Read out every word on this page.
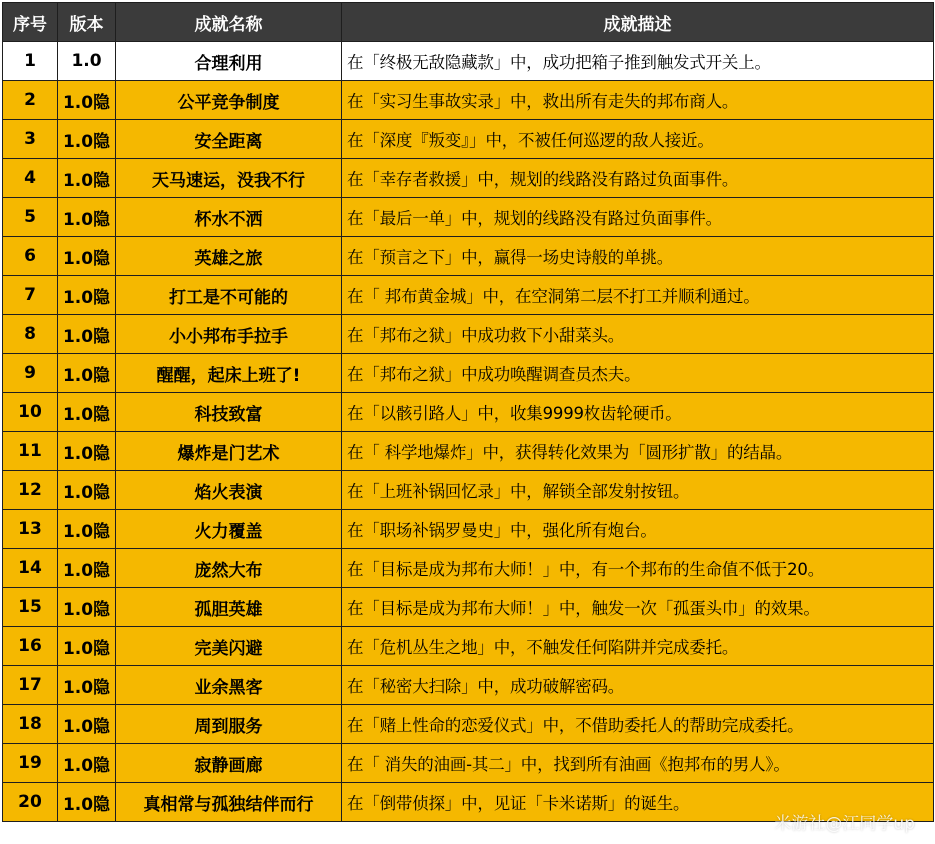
序号	版本	成就名称	成就描述
1	1.0	合理利用	在「终极无敌隐藏款」中，成功把箱子推到触发式开关上。
2	1.0隐	公平竞争制度	在「实习生事故实录」中，救出所有走失的邦布商人。
3	1.0隐	安全距离	在「深度『叛变』」中，不被任何巡逻的敌人接近。
4	1.0隐	天马速运，没我不行	在「幸存者救援」中，规划的线路没有路过负面事件。
5	1.0隐	杯水不洒	在「最后一单」中，规划的线路没有路过负面事件。
6	1.0隐	英雄之旅	在「预言之下」中，赢得一场史诗般的单挑。
7	1.0隐	打工是不可能的	在「 邦布黄金城」中，在空洞第二层不打工并顺利通过。
8	1.0隐	小小邦布手拉手	在「邦布之狱」中成功救下小甜菜头。
9	1.0隐	醒醒，起床上班了!	在「邦布之狱」中成功唤醒调查员杰夫。
10	1.0隐	科技致富	在「以骸引路人」中，收集9999枚齿轮硬币。
11	1.0隐	爆炸是门艺术	在「 科学地爆炸」中，获得转化效果为「圆形扩散」的结晶。
12	1.0隐	焰火表演	在「上班补锅回忆录」中，解锁全部发射按钮。
13	1.0隐	火力覆盖	在「职场补锅罗曼史」中，强化所有炮台。
14	1.0隐	庞然大布	在「目标是成为邦布大师！」中，有一个邦布的生命值不低于20。
15	1.0隐	孤胆英雄	在「目标是成为邦布大师！」中，触发一次「孤蛋头巾」的效果。
16	1.0隐	完美闪避	在「危机丛生之地」中，不触发任何陷阱并完成委托。
17	1.0隐	业余黑客	在「秘密大扫除」中，成功破解密码。
18	1.0隐	周到服务	在「赌上性命的恋爱仪式」中，不借助委托人的帮助完成委托。
19	1.0隐	寂静画廊	在「 消失的油画-其二」中，找到所有油画《抱邦布的男人》。
20	1.0隐	真相常与孤独结伴而行	在「倒带侦探」中，见证「卡米诺斯」的诞生。
米游社@江同学up
